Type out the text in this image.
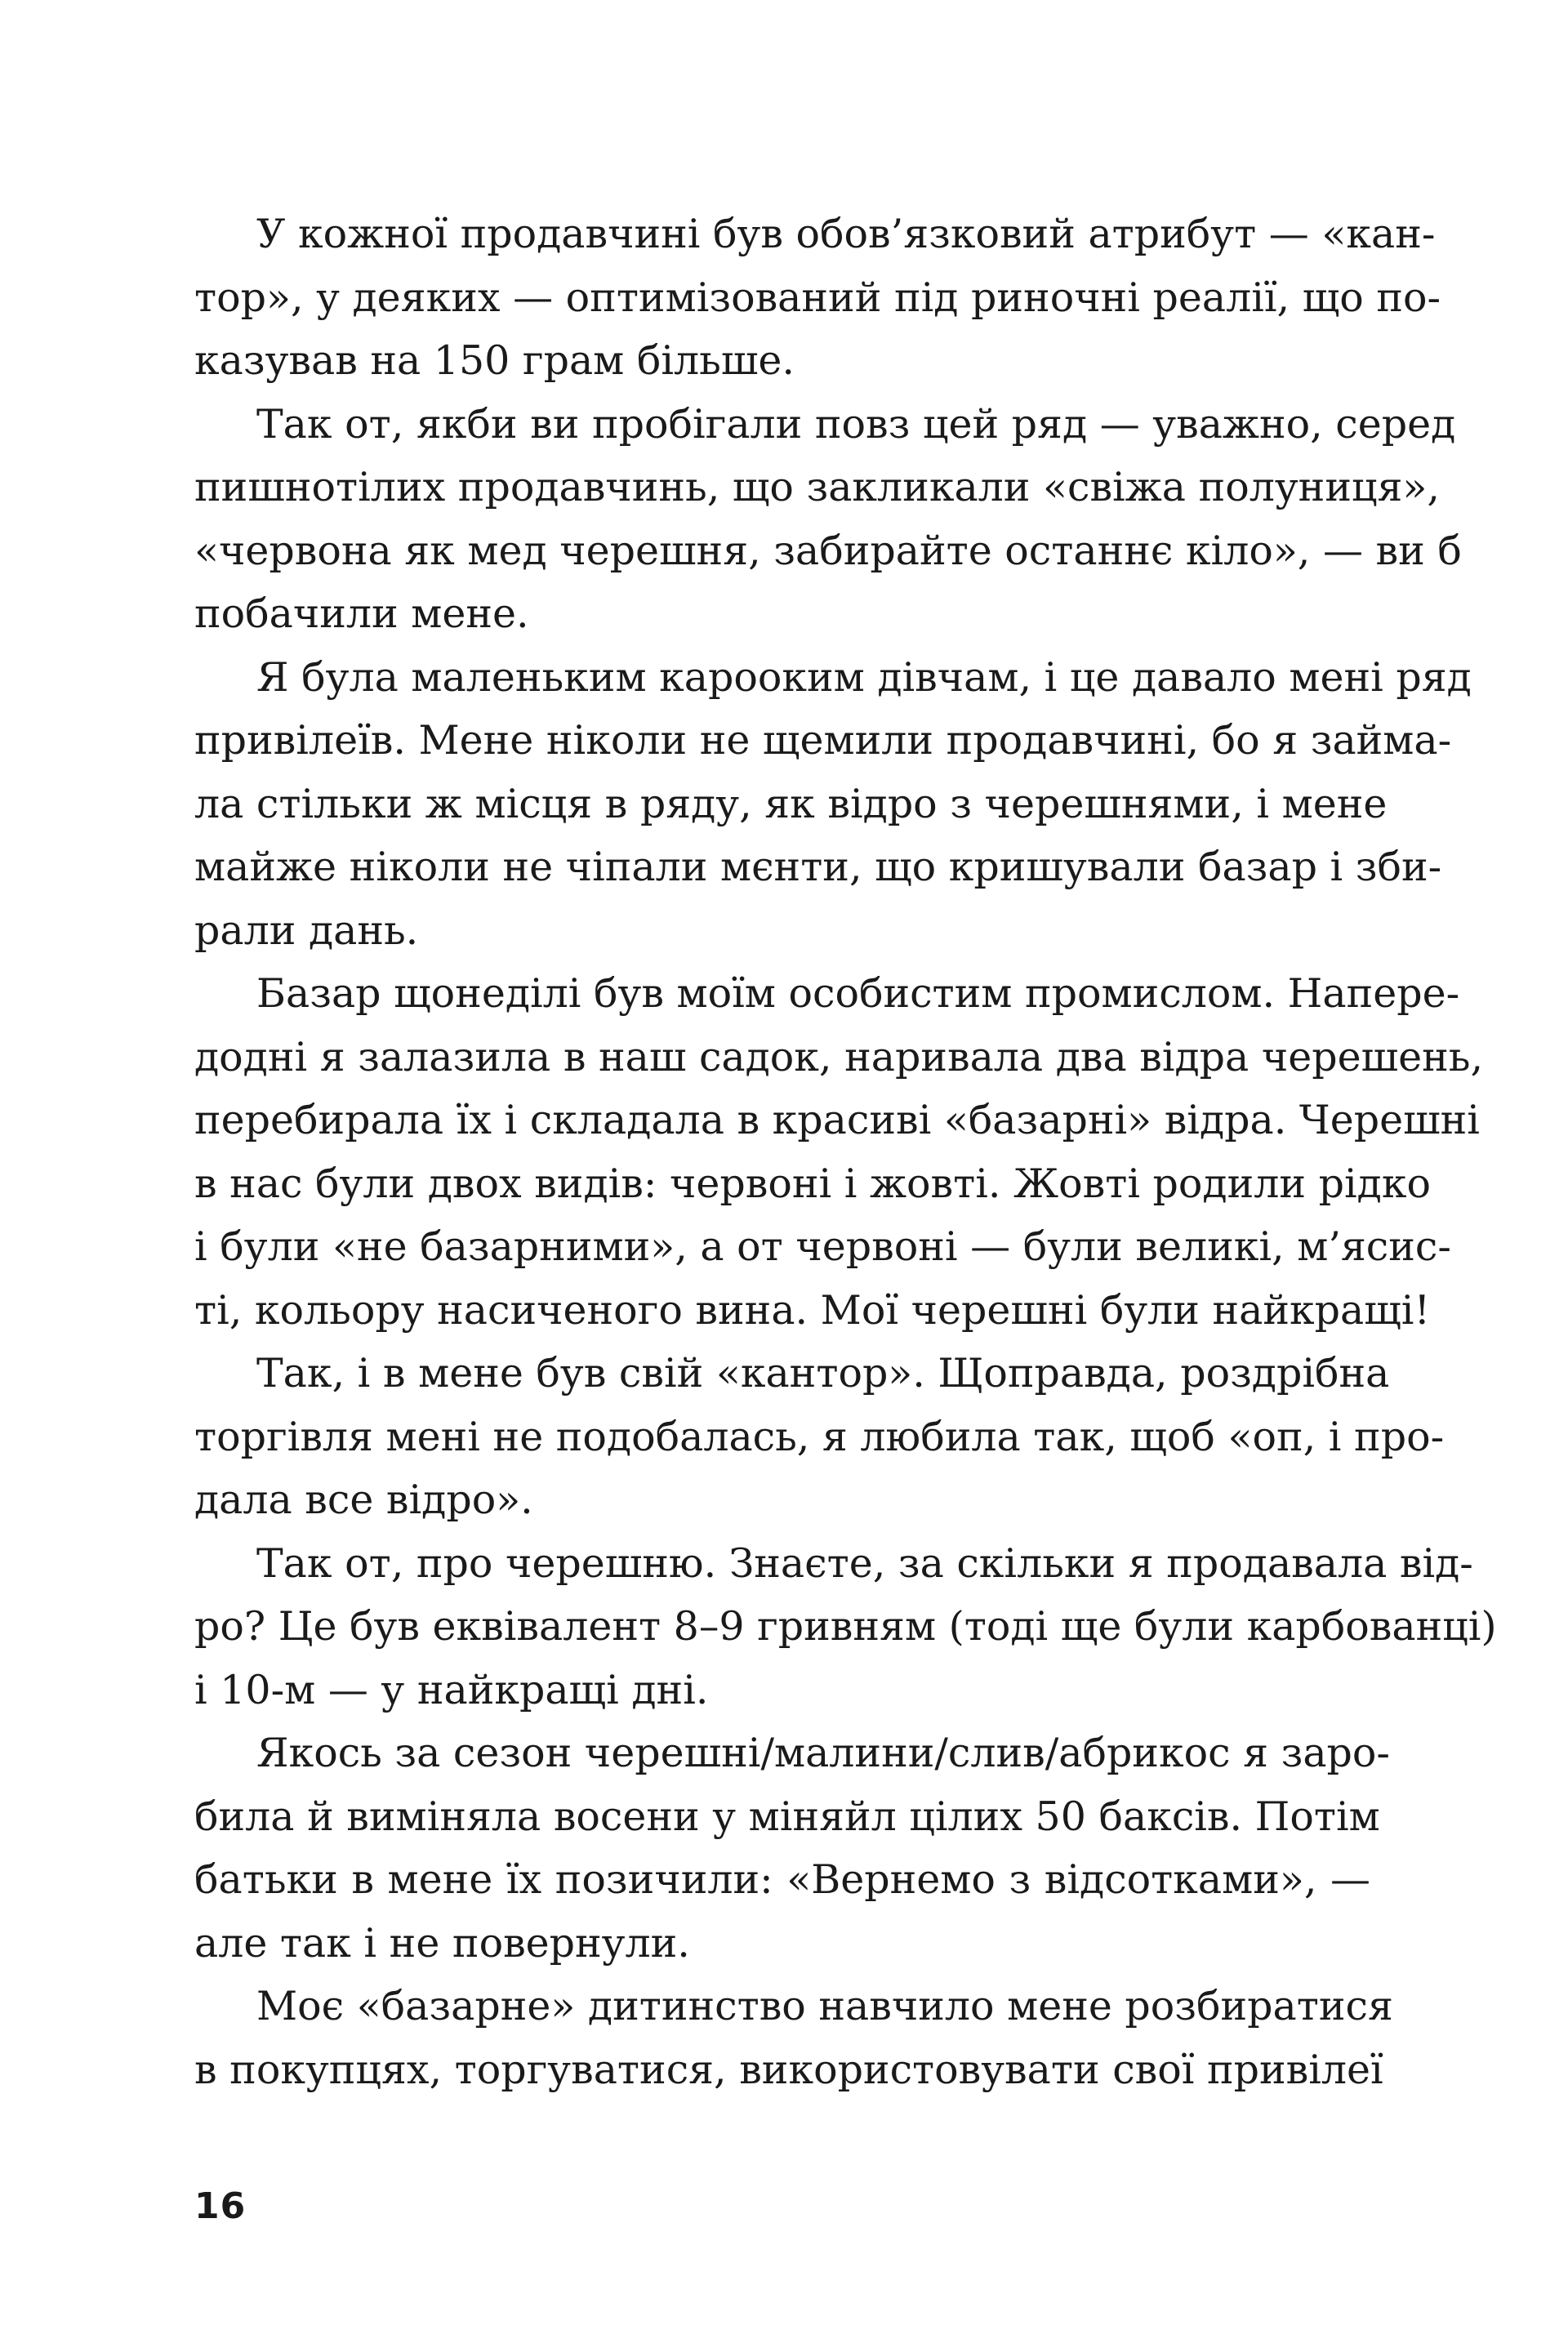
У кожної продавчині був обов’язковий атрибут — «кан-
тор», у деяких — оптимізований під риночні реалії, що по-
казував на 150 грам більше.
Так от, якби ви пробігали повз цей ряд — уважно, серед
пишнотілих продавчинь, що закликали «свіжа полуниця»,
«червона як мед черешня, забирайте останнє кіло», — ви б
побачили мене.
Я була маленьким карооким дівчам, і це давало мені ряд
привілеїв. Мене ніколи не щемили продавчині, бо я займа-
ла стільки ж місця в ряду, як відро з черешнями, і мене
майже ніколи не чіпали мєнти, що кришували базар і зби-
рали дань.
Базар щонеділі був моїм особистим промислом. Напере-
додні я залазила в наш садок, наривала два відра черешень,
перебирала їх і складала в красиві «базарні» відра. Черешні
в нас були двох видів: червоні і жовті. Жовті родили рідко
і були «не базарними», а от червоні — були великі, м’ясис-
ті, кольору насиченого вина. Мої черешні були найкращі!
Так, і в мене був свій «кантор». Щоправда, роздрібна
торгівля мені не подобалась, я любила так, щоб «оп, і про-
дала все відро».
Так от, про черешню. Знаєте, за скільки я продавала від-
ро? Це був еквівалент 8–9 гривням (тоді ще були карбованці)
і 10-м — у найкращі дні.
Якось за сезон черешні/малини/слив/абрикос я заро-
била й виміняла восени у міняйл цілих 50 баксів. Потім
батьки в мене їх позичили: «Вернемо з відсотками», —
але так і не повернули.
Моє «базарне» дитинство навчило мене розбиратися
в покупцях, торгуватися, використовувати свої привілеї
16
